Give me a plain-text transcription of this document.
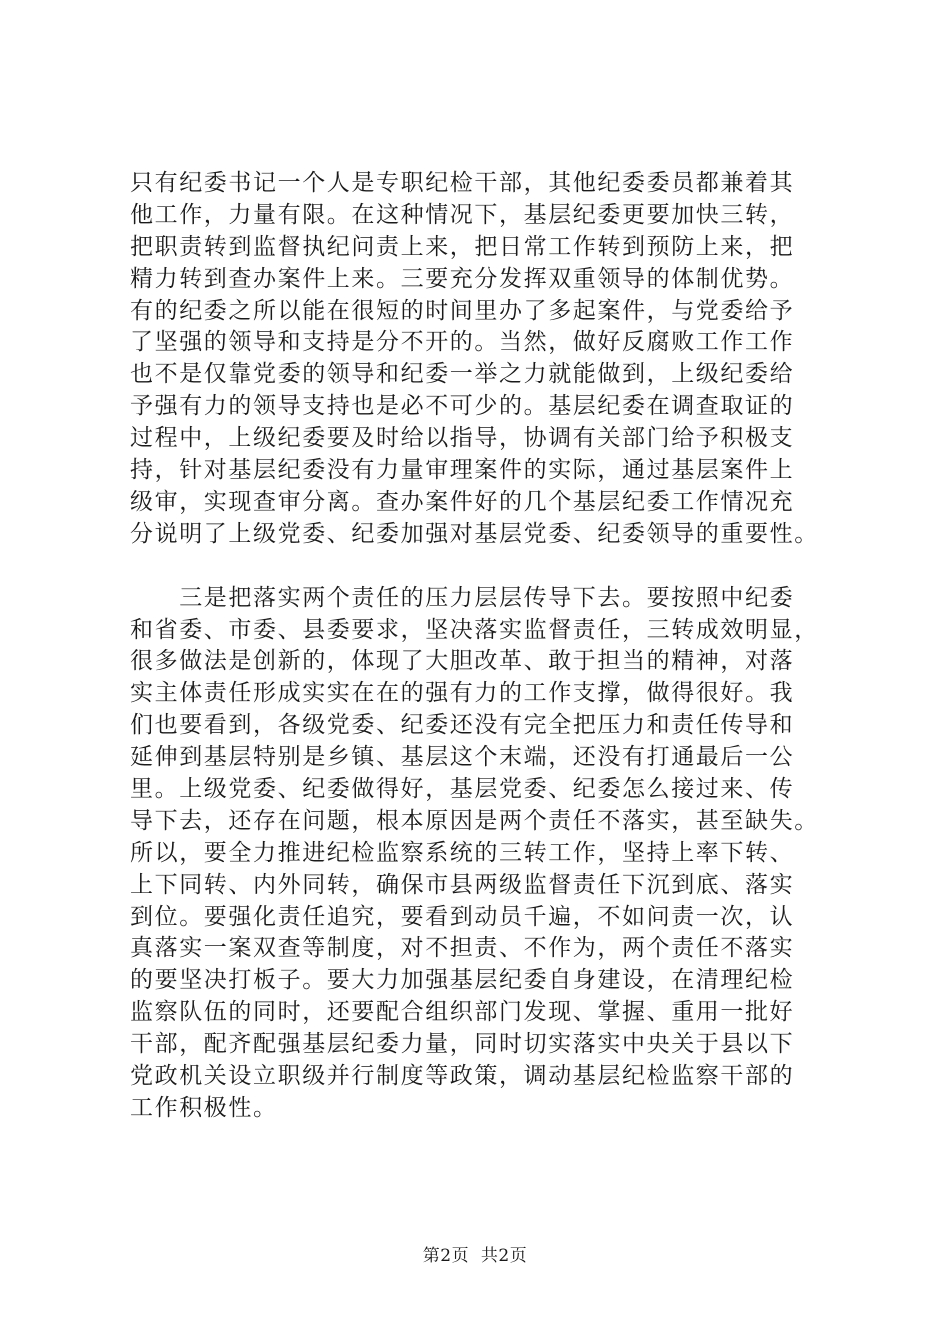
只有纪委书记一个人是专职纪检干部，其他纪委委员都兼着其
他工作，力量有限。在这种情况下，基层纪委更要加快三转，
把职责转到监督执纪问责上来，把日常工作转到预防上来，把
精力转到查办案件上来。三要充分发挥双重领导的体制优势。
有的纪委之所以能在很短的时间里办了多起案件，与党委给予
了坚强的领导和支持是分不开的。当然，做好反腐败工作工作
也不是仅靠党委的领导和纪委一举之力就能做到，上级纪委给
予强有力的领导支持也是必不可少的。基层纪委在调查取证的
过程中，上级纪委要及时给以指导，协调有关部门给予积极支
持，针对基层纪委没有力量审理案件的实际，通过基层案件上
级审，实现查审分离。查办案件好的几个基层纪委工作情况充
分说明了上级党委、纪委加强对基层党委、纪委领导的重要性。
　　三是把落实两个责任的压力层层传导下去。要按照中纪委
和省委、市委、县委要求，坚决落实监督责任，三转成效明显，
很多做法是创新的，体现了大胆改革、敢于担当的精神，对落
实主体责任形成实实在在的强有力的工作支撑，做得很好。我
们也要看到，各级党委、纪委还没有完全把压力和责任传导和
延伸到基层特别是乡镇、基层这个末端，还没有打通最后一公
里。上级党委、纪委做得好，基层党委、纪委怎么接过来、传
导下去，还存在问题，根本原因是两个责任不落实，甚至缺失。
所以，要全力推进纪检监察系统的三转工作，坚持上率下转、
上下同转、内外同转，确保市县两级监督责任下沉到底、落实
到位。要强化责任追究，要看到动员千遍，不如问责一次，认
真落实一案双查等制度，对不担责、不作为，两个责任不落实
的要坚决打板子。要大力加强基层纪委自身建设，在清理纪检
监察队伍的同时，还要配合组织部门发现、掌握、重用一批好
干部，配齐配强基层纪委力量，同时切实落实中央关于县以下
党政机关设立职级并行制度等政策，调动基层纪检监察干部的
工作积极性。
第2页 共2页
